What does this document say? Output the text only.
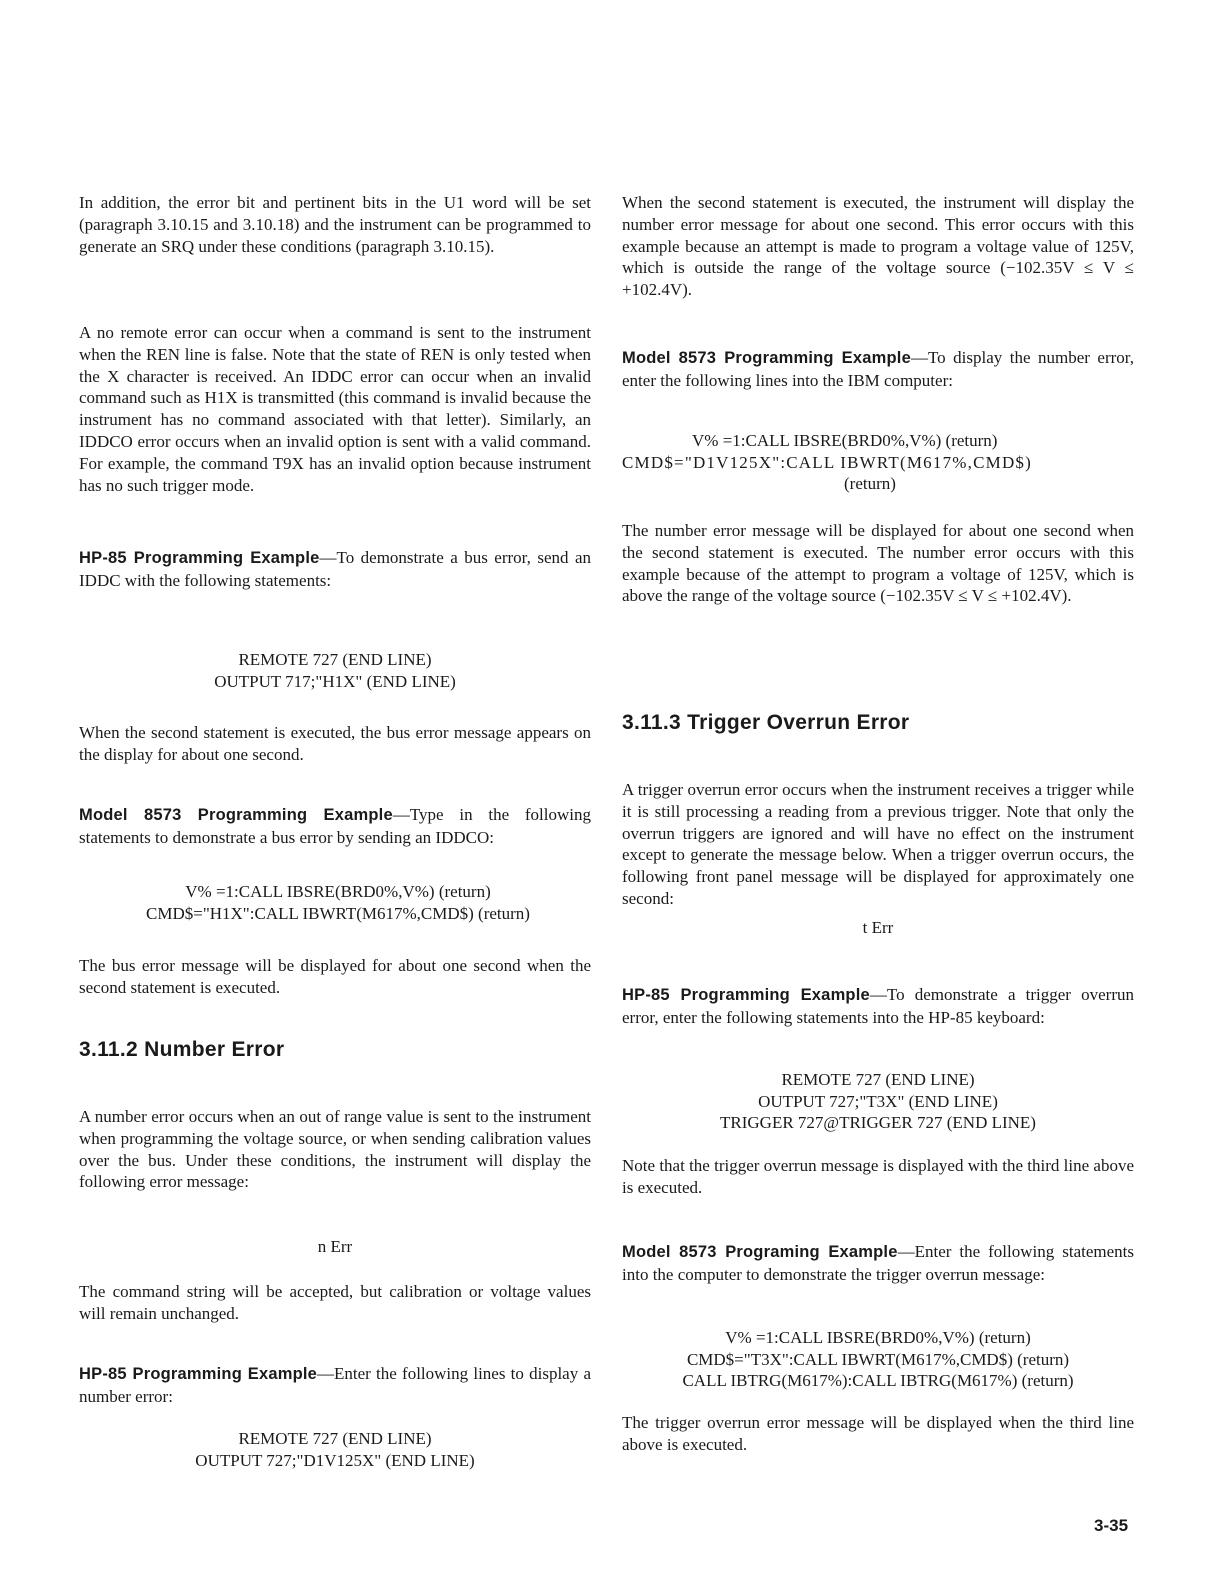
In addition, the error bit and pertinent bits in the U1 word will be set (paragraph 3.10.15 and 3.10.18) and the instrument can be programmed to generate an SRQ under these conditions (paragraph 3.10.15).

A no remote error can occur when a command is sent to the instrument when the REN line is false. Note that the state of REN is only tested when the X character is received. An IDDC error can occur when an invalid command such as H1X is transmitted (this command is invalid because the instrument has no command associated with that letter). Similarly, an IDDCO error occurs when an invalid option is sent with a valid command. For example, the command T9X has an invalid option because instrument has no such trigger mode.

HP-85 Programming Example—To demonstrate a bus error, send an IDDC with the following statements:

REMOTE 727 (END LINE)
OUTPUT 717;"H1X" (END LINE)

When the second statement is executed, the bus error message appears on the display for about one second.

Model 8573 Programming Example—Type in the following statements to demonstrate a bus error by sending an IDDCO:

V% =1:CALL IBSRE(BRD0%,V%) (return)
CMD$="H1X":CALL IBWRT(M617%,CMD$) (return)

The bus error message will be displayed for about one second when the second statement is executed.

3.11.2 Number Error

A number error occurs when an out of range value is sent to the instrument when programming the voltage source, or when sending calibration values over the bus. Under these conditions, the instrument will display the following error message:

n Err

The command string will be accepted, but calibration or voltage values will remain unchanged.

HP-85 Programming Example—Enter the following lines to display a number error:

REMOTE 727 (END LINE)
OUTPUT 727;"D1V125X" (END LINE)

When the second statement is executed, the instrument will display the number error message for about one second. This error occurs with this example because an attempt is made to program a voltage value of 125V, which is outside the range of the voltage source (−102.35V ≤ V ≤ +102.4V).

Model 8573 Programming Example—To display the number error, enter the following lines into the IBM computer:

V% =1:CALL IBSRE(BRD0%,V%) (return)
CMD$="D1V125X":CALL IBWRT(M617%,CMD$)
(return)

The number error message will be displayed for about one second when the second statement is executed. The number error occurs with this example because of the attempt to program a voltage of 125V, which is above the range of the voltage source (−102.35V ≤ V ≤ +102.4V).

3.11.3 Trigger Overrun Error

A trigger overrun error occurs when the instrument receives a trigger while it is still processing a reading from a previous trigger. Note that only the overrun triggers are ignored and will have no effect on the instrument except to generate the message below. When a trigger overrun occurs, the following front panel message will be displayed for approximately one second:

t Err

HP-85 Programming Example—To demonstrate a trigger overrun error, enter the following statements into the HP-85 keyboard:

REMOTE 727 (END LINE)
OUTPUT 727;"T3X" (END LINE)
TRIGGER 727@TRIGGER 727 (END LINE)

Note that the trigger overrun message is displayed with the third line above is executed.

Model 8573 Programing Example—Enter the following statements into the computer to demonstrate the trigger overrun message:

V% =1:CALL IBSRE(BRD0%,V%) (return)
CMD$="T3X":CALL IBWRT(M617%,CMD$) (return)
CALL IBTRG(M617%):CALL IBTRG(M617%) (return)

The trigger overrun error message will be displayed when the third line above is executed.

3-35
